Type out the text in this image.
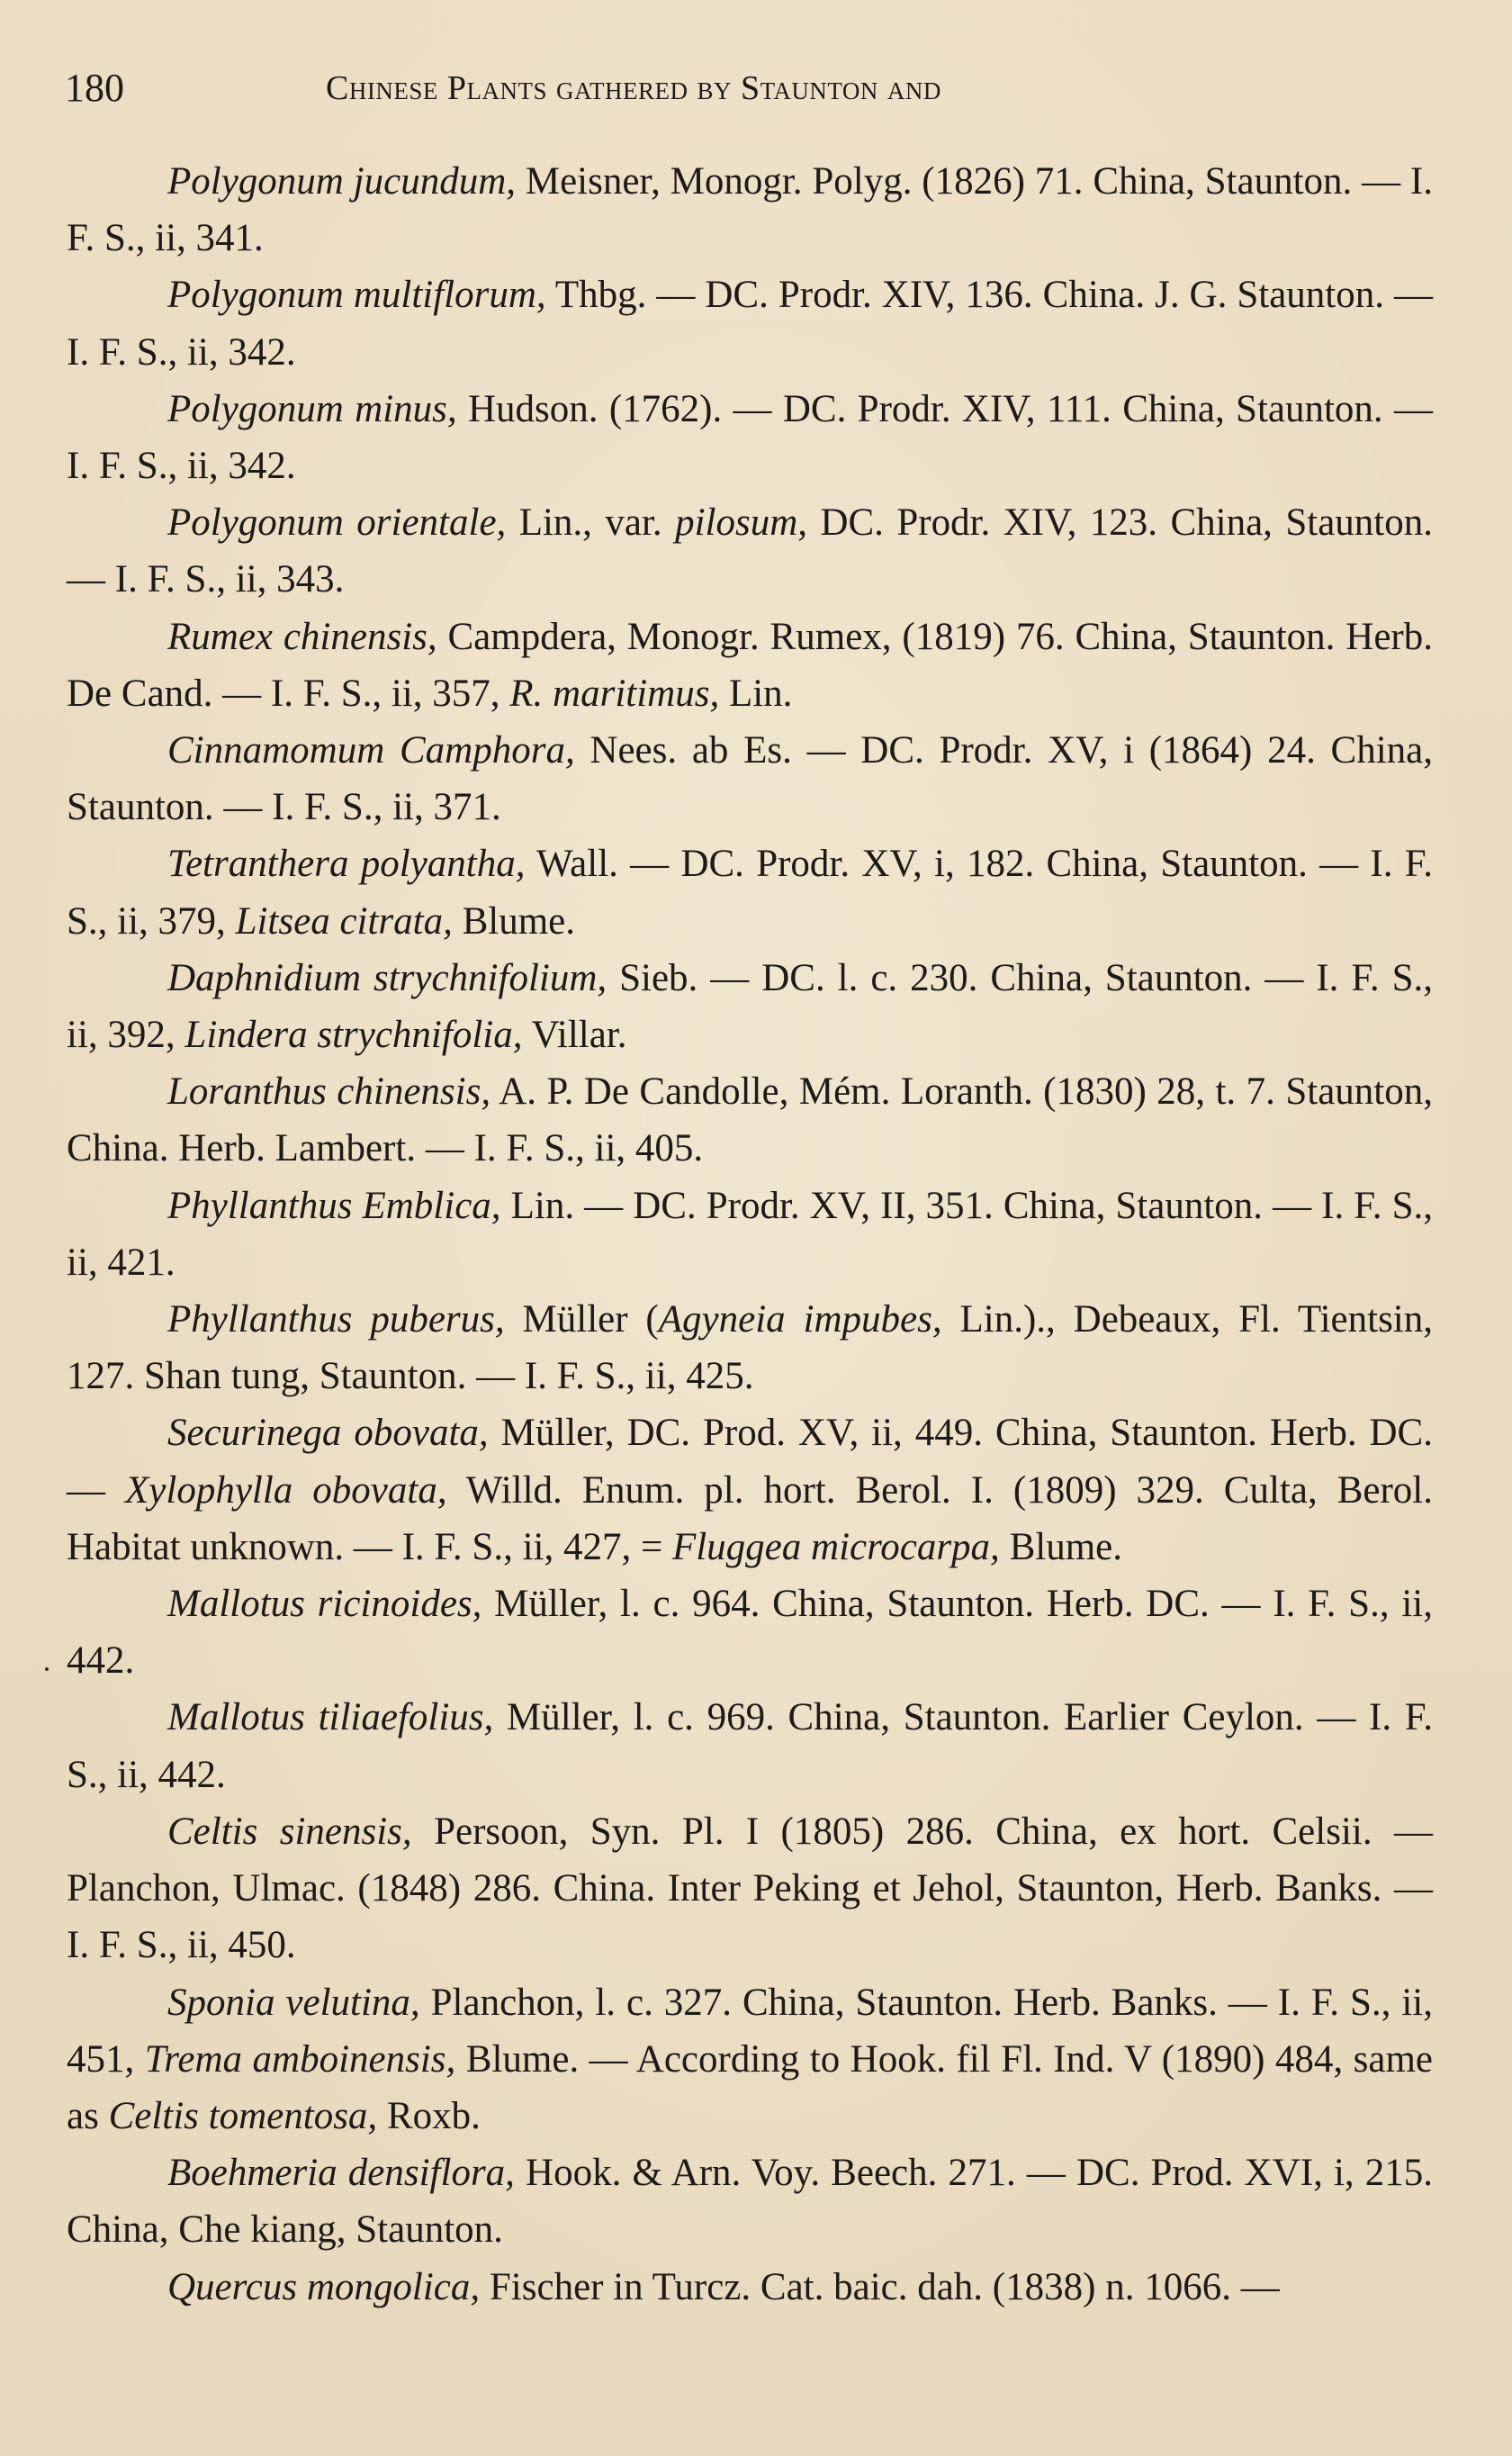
180	Chinese Plants gathered by Staunton and

Polygonum jucundum, Meisner, Monogr. Polyg. (1826) 71. China, Staunton. — I. F. S., ii, 341.

Polygonum multiflorum, Thbg. — DC. Prodr. XIV, 136. China. J. G. Staunton. — I. F. S., ii, 342.

Polygonum minus, Hudson. (1762). — DC. Prodr. XIV, 111. China, Staunton. — I. F. S., ii, 342.

Polygonum orientale, Lin., var. pilosum, DC. Prodr. XIV, 123. China, Staunton. — I. F. S., ii, 343.

Rumex chinensis, Campdera, Monogr. Rumex, (1819) 76. China, Staunton. Herb. De Cand. — I. F. S., ii, 357, R. maritimus, Lin.

Cinnamomum Camphora, Nees. ab Es. — DC. Prodr. XV, i (1864) 24. China, Staunton. — I. F. S., ii, 371.

Tetranthera polyantha, Wall. — DC. Prodr. XV, i, 182. China, Staunton. — I. F. S., ii, 379, Litsea citrata, Blume.

Daphnidium strychnifolium, Sieb. — DC. l. c. 230. China, Staunton. — I. F. S., ii, 392, Lindera strychnifolia, Villar.

Loranthus chinensis, A. P. De Candolle, Mém. Loranth. (1830) 28, t. 7. Staunton, China. Herb. Lambert. — I. F. S., ii, 405.

Phyllanthus Emblica, Lin. — DC. Prodr. XV, II, 351. China, Staunton. — I. F. S., ii, 421.

Phyllanthus puberus, Müller (Agyneia impubes, Lin.)., Debeaux, Fl. Tientsin, 127. Shan tung, Staunton. — I. F. S., ii, 425.

Securinega obovata, Müller, DC. Prod. XV, ii, 449. China, Staunton. Herb. DC. — Xylophylla obovata, Willd. Enum. pl. hort. Berol. I. (1809) 329. Culta, Berol. Habitat unknown. — I. F. S., ii, 427, = Fluggea microcarpa, Blume.

Mallotus ricinoides, Müller, l. c. 964. China, Staunton. Herb. DC. — I. F. S., ii, 442.

Mallotus tiliaefolius, Müller, l. c. 969. China, Staunton. Earlier Ceylon. — I. F. S., ii, 442.

Celtis sinensis, Persoon, Syn. Pl. I (1805) 286. China, ex hort. Celsii. — Planchon, Ulmac. (1848) 286. China. Inter Peking et Jehol, Staunton, Herb. Banks. — I. F. S., ii, 450.

Sponia velutina, Planchon, l. c. 327. China, Staunton. Herb. Banks. — I. F. S., ii, 451, Trema amboinensis, Blume. — According to Hook. fil Fl. Ind. V (1890) 484, same as Celtis tomentosa, Roxb.

Boehmeria densiflora, Hook. & Arn. Voy. Beech. 271. — DC. Prod. XVI, i, 215. China, Che kiang, Staunton.

Quercus mongolica, Fischer in Turcz. Cat. baic. dah. (1838) n. 1066. —
